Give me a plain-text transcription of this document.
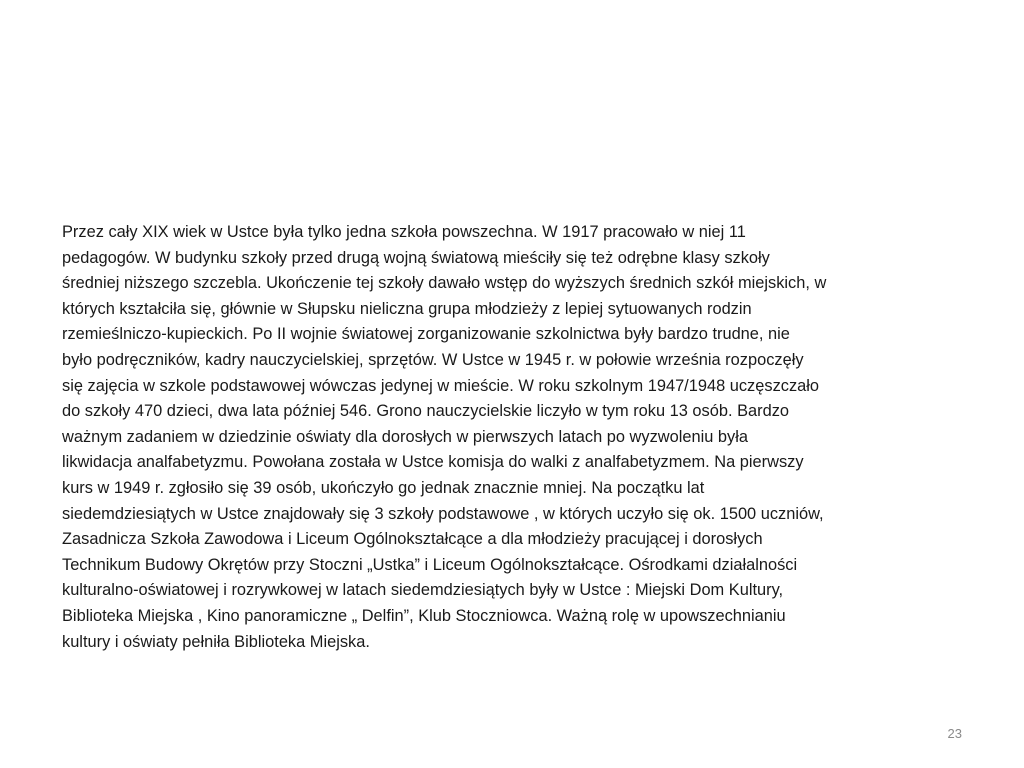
Przez cały XIX wiek w Ustce była tylko jedna szkoła powszechna. W 1917 pracowało w niej 11
pedagogów. W budynku szkoły przed drugą wojną światową mieściły się też odrębne klasy szkoły
średniej niższego szczebla. Ukończenie tej szkoły dawało wstęp do wyższych średnich szkół miejskich, w
których kształciła się, głównie w Słupsku nieliczna grupa młodzieży z lepiej sytuowanych rodzin
rzemieślniczo-kupieckich. Po II wojnie światowej zorganizowanie szkolnictwa były bardzo trudne, nie
było podręczników, kadry nauczycielskiej, sprzętów. W Ustce w 1945 r. w połowie września rozpoczęły
się zajęcia w szkole podstawowej wówczas jedynej w mieście. W roku szkolnym 1947/1948 uczęszczało
do szkoły 470 dzieci, dwa lata później 546. Grono nauczycielskie liczyło w tym roku 13 osób. Bardzo
ważnym zadaniem w dziedzinie oświaty dla dorosłych w pierwszych latach po wyzwoleniu była
likwidacja analfabetyzmu. Powołana została w Ustce komisja do walki z analfabetyzmem. Na pierwszy
kurs w 1949 r. zgłosiło się 39 osób, ukończyło go jednak znacznie mniej. Na początku lat
siedemdziesiątych w Ustce znajdowały się 3 szkoły podstawowe , w których uczyło się ok. 1500 uczniów,
Zasadnicza Szkoła Zawodowa i Liceum Ogólnokształcące a dla młodzieży pracującej i dorosłych
Technikum Budowy Okrętów przy Stoczni „Ustka” i Liceum Ogólnokształcące. Ośrodkami działalności
kulturalno-oświatowej i rozrywkowej w latach siedemdziesiątych były w Ustce : Miejski Dom Kultury,
Biblioteka Miejska , Kino panoramiczne „ Delfin”, Klub Stoczniowca. Ważną rolę w upowszechnianiu
kultury i oświaty pełniła Biblioteka Miejska.

23
